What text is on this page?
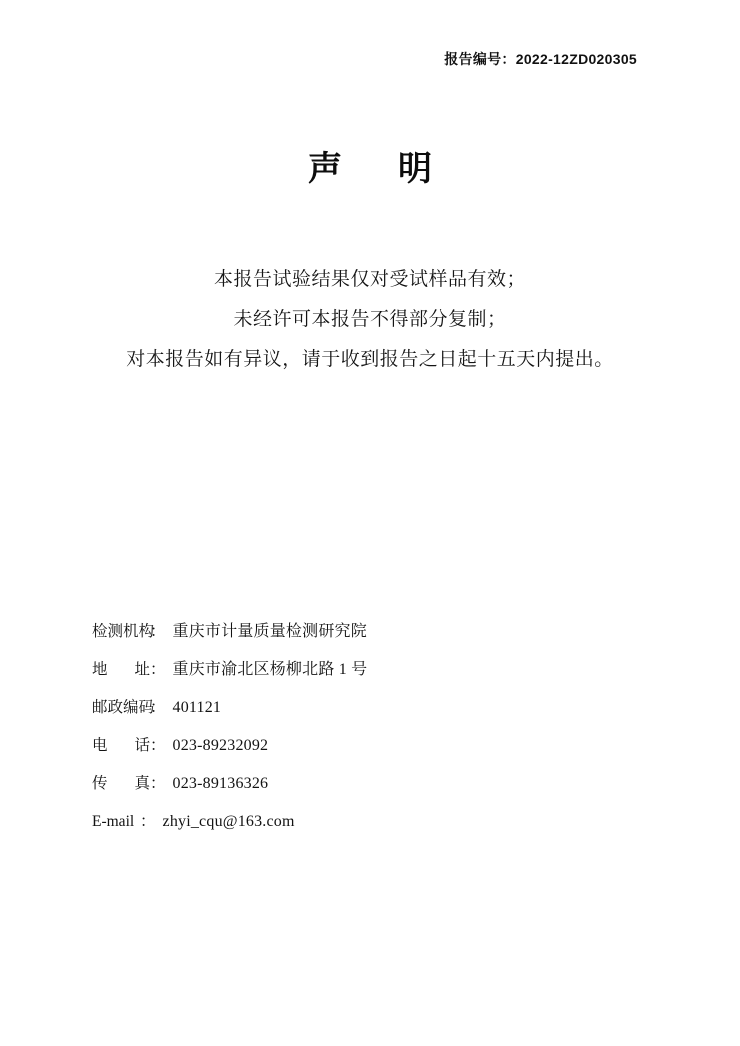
报告编号：2022-12ZD020305
声 明

本报告试验结果仅对受试样品有效；

未经许可本报告不得部分复制；

对本报告如有异议，请于收到报告之日起十五天内提出。

检测机构： 重庆市计量质量检测研究院
地址： 重庆市渝北区杨柳北路 1 号
邮政编码： 401121
电话： 023-89232092
传真： 023-89136326
E-mail ： zhyi_cqu@163.com
